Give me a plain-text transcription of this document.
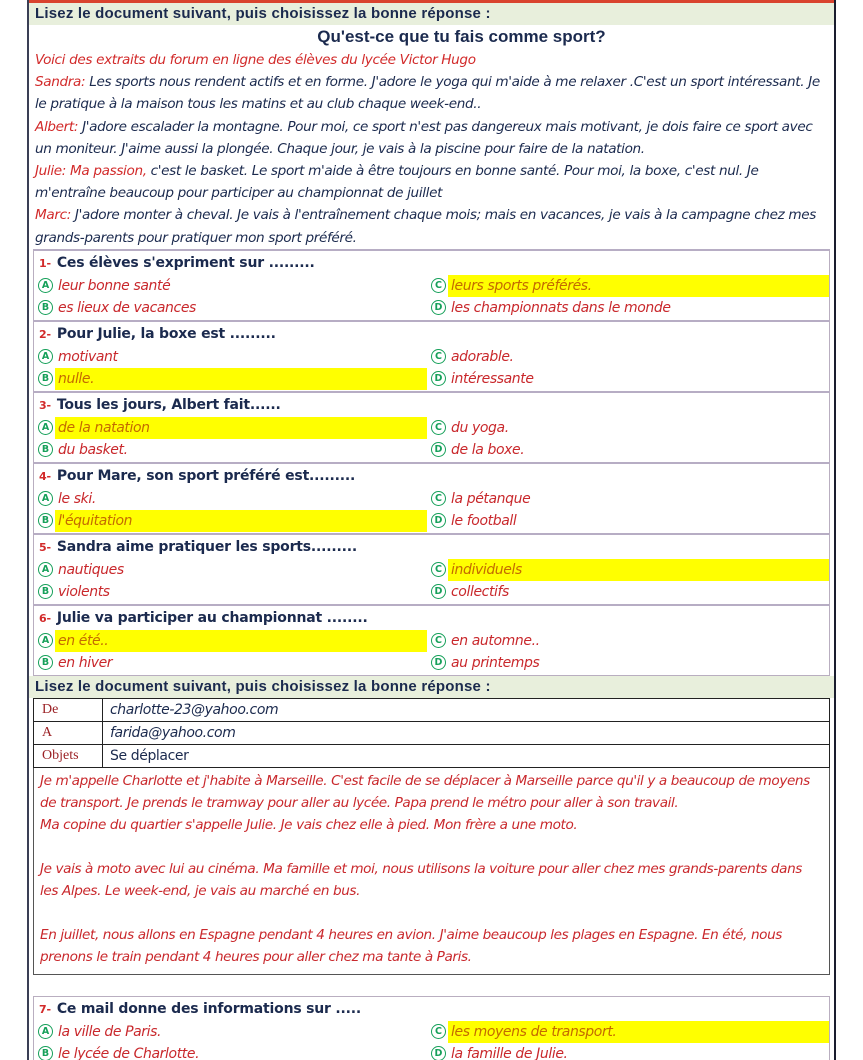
Lisez le document suivant, puis choisissez la bonne réponse :
Qu'est-ce que tu fais comme sport?
Voici des extraits du forum en ligne des élèves du lycée Victor Hugo
Sandra: Les sports nous rendent actifs et en forme. J'adore le yoga qui m'aide à me relaxer .C'est un sport intéressant. Je le pratique à la maison tous les matins et au club chaque week-end..
Albert: J'adore escalader la montagne. Pour moi, ce sport n'est pas dangereux mais motivant, je dois faire ce sport avec un moniteur. J'aime aussi la plongée. Chaque jour, je vais à la piscine pour faire de la natation.
Julie: Ma passion, c'est le basket. Le sport m'aide à être toujours en bonne santé. Pour moi, la boxe, c'est nul. Je m'entraîne beaucoup pour participer au championnat de juillet
Marc: J'adore monter à cheval. Je vais à l'entraînement chaque mois; mais en vacances, je vais à la campagne chez mes grands-parents pour pratiquer mon sport préféré.
1- Ces élèves s'expriment sur .........
A leur bonne santé	C leurs sports préférés.
B es lieux de vacances	D les championnats dans le monde
2- Pour Julie, la boxe est .........
A motivant	C adorable.
B nulle.	D intéressante
3- Tous les jours, Albert fait......
A de la natation	C du yoga.
B du basket.	D de la boxe.
4- Pour Mare, son sport préféré est.........
A le ski.	C la pétanque
B l'équitation	D le football
5- Sandra aime pratiquer les sports.........
A nautiques	C individuels
B violents	D collectifs
6- Julie va participer au championnat ........
A en été..	C en automne..
B en hiver	D au printemps
Lisez le document suivant, puis choisissez la bonne réponse :
De	charlotte-23@yahoo.com
A	farida@yahoo.com
Objets	Se déplacer

Je m'appelle Charlotte et j'habite à Marseille. C'est facile de se déplacer à Marseille parce qu'il y a beaucoup de moyens de transport. Je prends le tramway pour aller au lycée. Papa prend le métro pour aller à son travail.

Ma copine du quartier s'appelle Julie. Je vais chez elle à pied. Mon frère a une moto.

Je vais à moto avec lui au cinéma. Ma famille et moi, nous utilisons la voiture pour aller chez mes grands-parents dans les Alpes. Le week-end, je vais au marché en bus.

En juillet, nous allons en Espagne pendant 4 heures en avion. J'aime beaucoup les plages en Espagne. En été, nous prenons le train pendant 4 heures pour aller chez ma tante à Paris.

7- Ce mail donne des informations sur .....
A la ville de Paris.	C les moyens de transport.
B le lycée de Charlotte.	D la famille de Julie.
